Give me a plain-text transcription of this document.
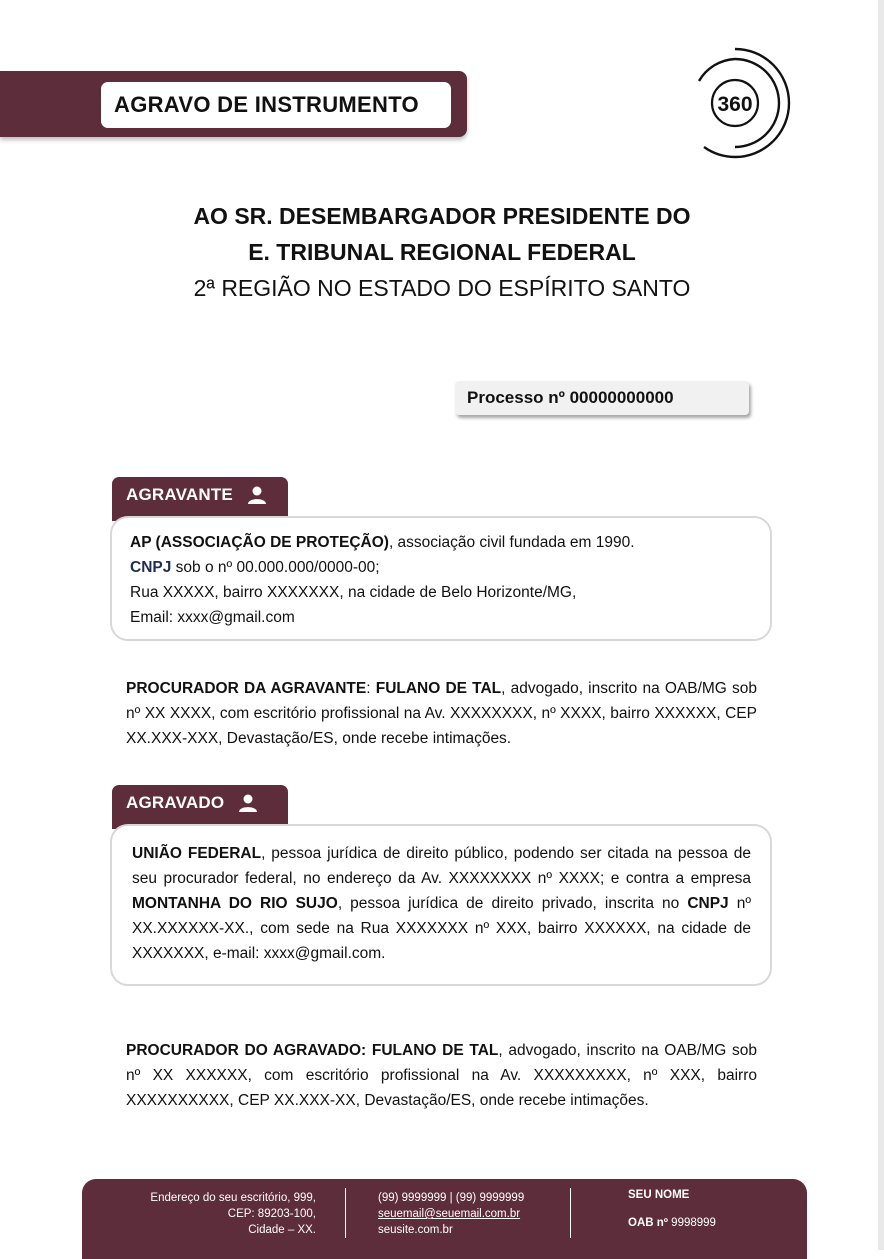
AGRAVO DE INSTRUMENTO	360
AO SR. DESEMBARGADOR PRESIDENTE DO
E. TRIBUNAL REGIONAL FEDERAL
2ª REGIÃO NO ESTADO DO ESPÍRITO SANTO
Processo nº 00000000000
AGRAVANTE

AP (ASSOCIAÇÃO DE PROTEÇÃO), associação civil fundada em 1990.

CNPJ sob o nº 00.000.000/0000-00;

Rua XXXXX, bairro XXXXXXX, na cidade de Belo Horizonte/MG,

Email: xxxx@gmail.com

PROCURADOR DA AGRAVANTE: FULANO DE TAL, advogado, inscrito na OAB/MG sob nº XX XXXX, com escritório profissional na Av. XXXXXXXX, nº XXXX, bairro XXXXXX, CEP XX.XXX-XXX, Devastação/ES, onde recebe intimações.

AGRAVADO

UNIÃO FEDERAL, pessoa jurídica de direito público, podendo ser citada na pessoa de seu procurador federal, no endereço da Av. XXXXXXXX nº XXXX; e contra a empresa MONTANHA DO RIO SUJO, pessoa jurídica de direito privado, inscrita no CNPJ nº XX.XXXXXX-XX., com sede na Rua XXXXXXX nº XXX, bairro XXXXXX, na cidade de XXXXXXX, e-mail: xxxx@gmail.com.

PROCURADOR DO AGRAVADO: FULANO DE TAL, advogado, inscrito na OAB/MG sob nº XX XXXXXX, com escritório profissional na Av. XXXXXXXXX, nº XXX, bairro XXXXXXXXXX, CEP XX.XXX-XX, Devastação/ES, onde recebe intimações.

Endereço do seu escritório, 999,
CEP: 89203-100,
Cidade – XX.
(99) 9999999 | (99) 9999999
seuemail@seuemail.com.br
seusite.com.br
SEU NOME
OAB nº 9998999
